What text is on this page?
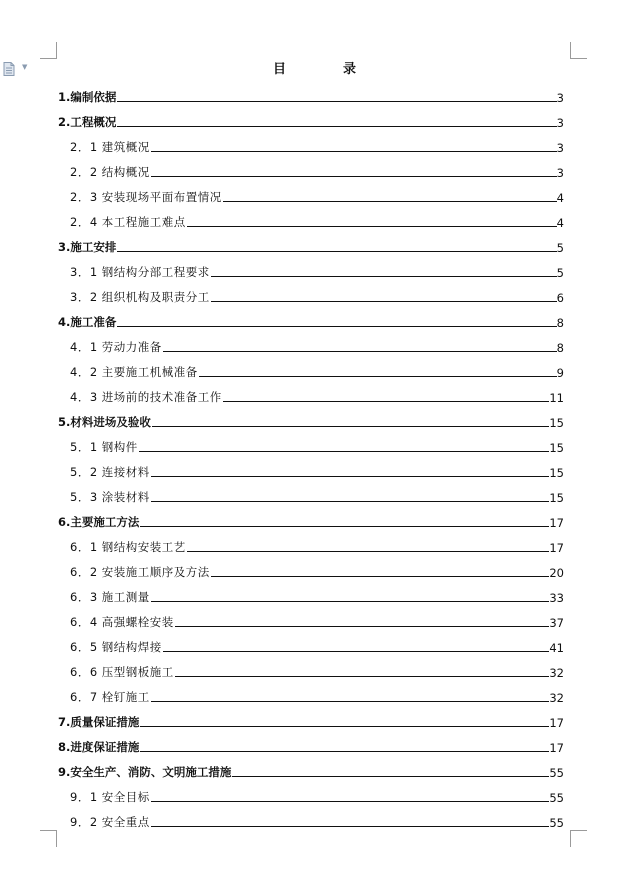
▼	目　录
1.编制依据	3
2.工程概况	3
2．1 建筑概况	3
2．2 结构概况	3
2．3 安装现场平面布置情况	4
2．4 本工程施工难点	4
3.施工安排	5
3．1 钢结构分部工程要求	5
3．2 组织机构及职责分工	6
4.施工准备	8
4．1 劳动力准备	8
4．2 主要施工机械准备	9
4．3 进场前的技术准备工作	11
5.材料进场及验收	15
5．1 钢构件	15
5．2 连接材料	15
5．3 涂装材料	15
6.主要施工方法	17
6．1 钢结构安装工艺	17
6．2 安装施工顺序及方法	20
6．3 施工测量	33
6．4 高强螺栓安装	37
6．5 钢结构焊接	41
6．6 压型钢板施工	32
6．7 栓钉施工	32
7.质量保证措施	17
8.进度保证措施	17
9.安全生产、消防、文明施工措施	55
9．1 安全目标	55
9．2 安全重点	55
